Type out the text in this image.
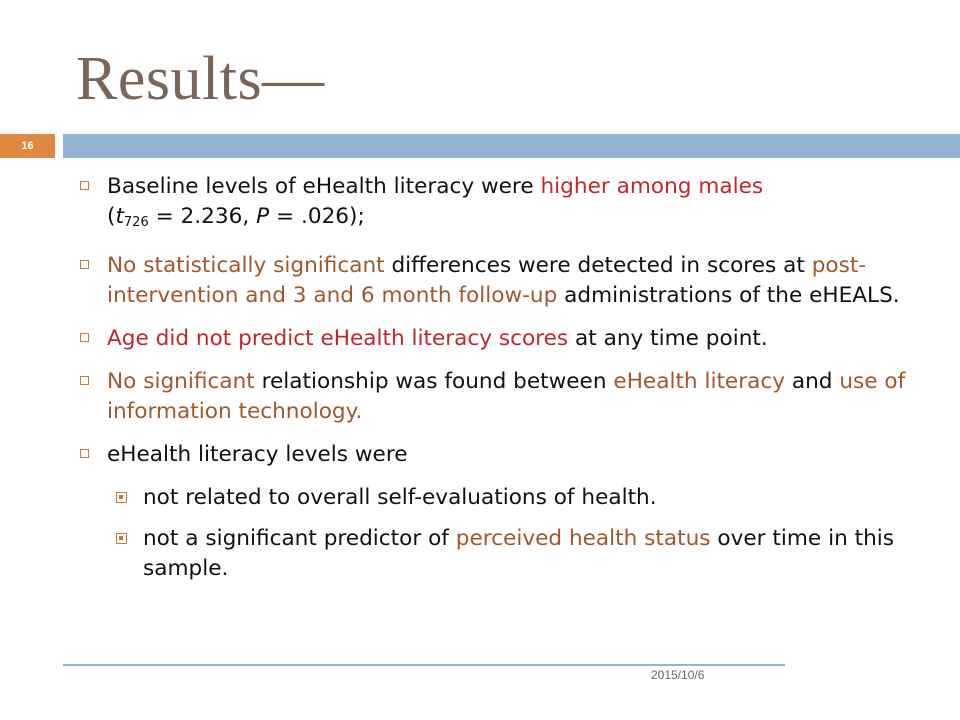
Results—
16
Baseline levels of eHealth literacy were higher among males
($t_{726} = 2.236$, P = .026);
No statistically significant differences were detected in scores at post-intervention and 3 and 6 month follow-up administrations of the eHEALS.
Age did not predict eHealth literacy scores at any time point.
No significant relationship was found between eHealth literacy and use of information technology.
eHealth literacy levels were
not related to overall self-evaluations of health.
not a significant predictor of perceived health status over time in this sample.
2015/10/6
